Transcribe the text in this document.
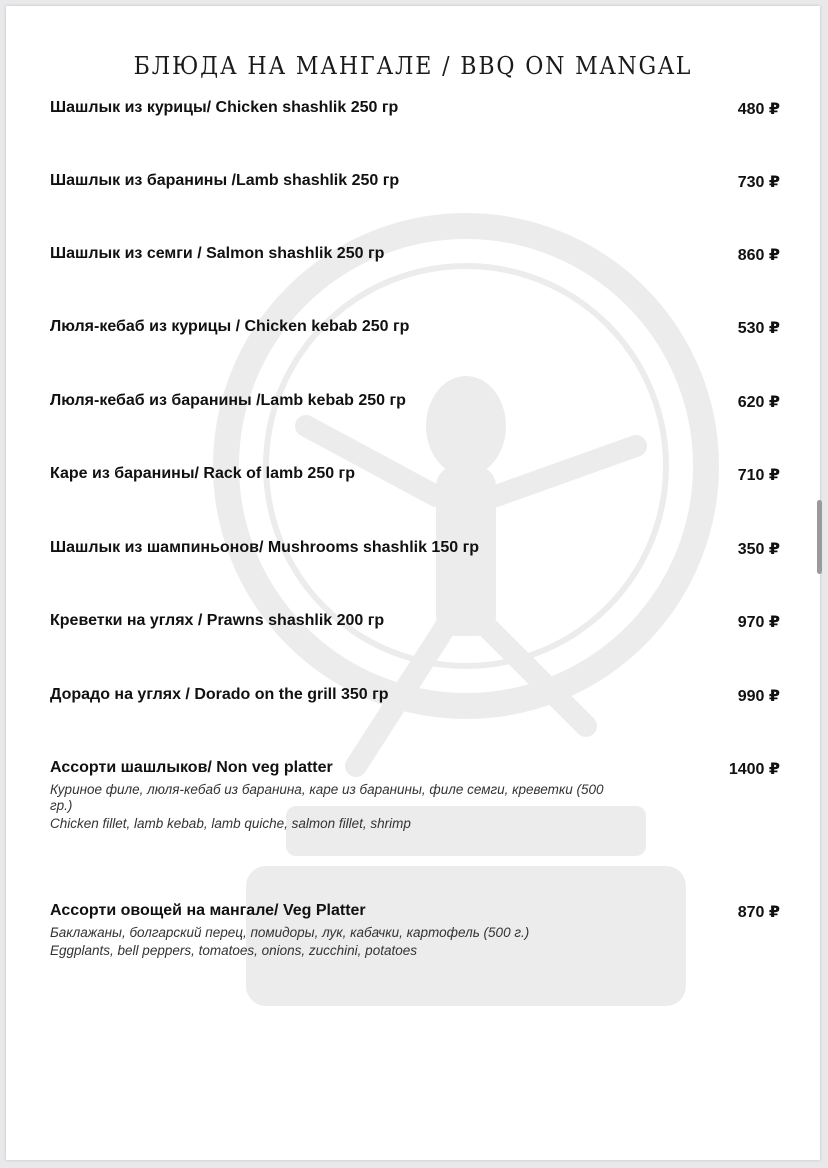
БЛЮДА НА МАНГАЛЕ / BBQ ON MANGAL
Шашлык из курицы/ Chicken shashlik 250 гр	480 ₽
Шашлык из баранины /Lamb shashlik 250 гр	730 ₽
Шашлык из семги / Salmon shashlik 250 гр	860 ₽
Люля-кебаб из курицы / Chicken kebab 250 гр	530 ₽
Люля-кебаб из баранины /Lamb kebab 250 гр	620 ₽
Каре из баранины/ Rack of lamb 250 гр	710 ₽
Шашлык из шампиньонов/ Mushrooms shashlik 150 гр	350 ₽
Креветки на углях / Prawns shashlik 200 гр	970 ₽
Дорадо на углях / Dorado on the grill 350 гр	990 ₽
Ассорти шашлыков/ Non veg platter	1400 ₽
Куриное филе, люля-кебаб из баранина, каре из баранины, филе семги, креветки (500 гр.)
Chicken fillet, lamb kebab, lamb quiche, salmon fillet, shrimp
Ассорти овощей на мангале/ Veg Platter	870 ₽
Баклажаны, болгарский перец, помидоры, лук, кабачки, картофель (500 г.)
Eggplants, bell peppers, tomatoes, onions, zucchini, potatoes
